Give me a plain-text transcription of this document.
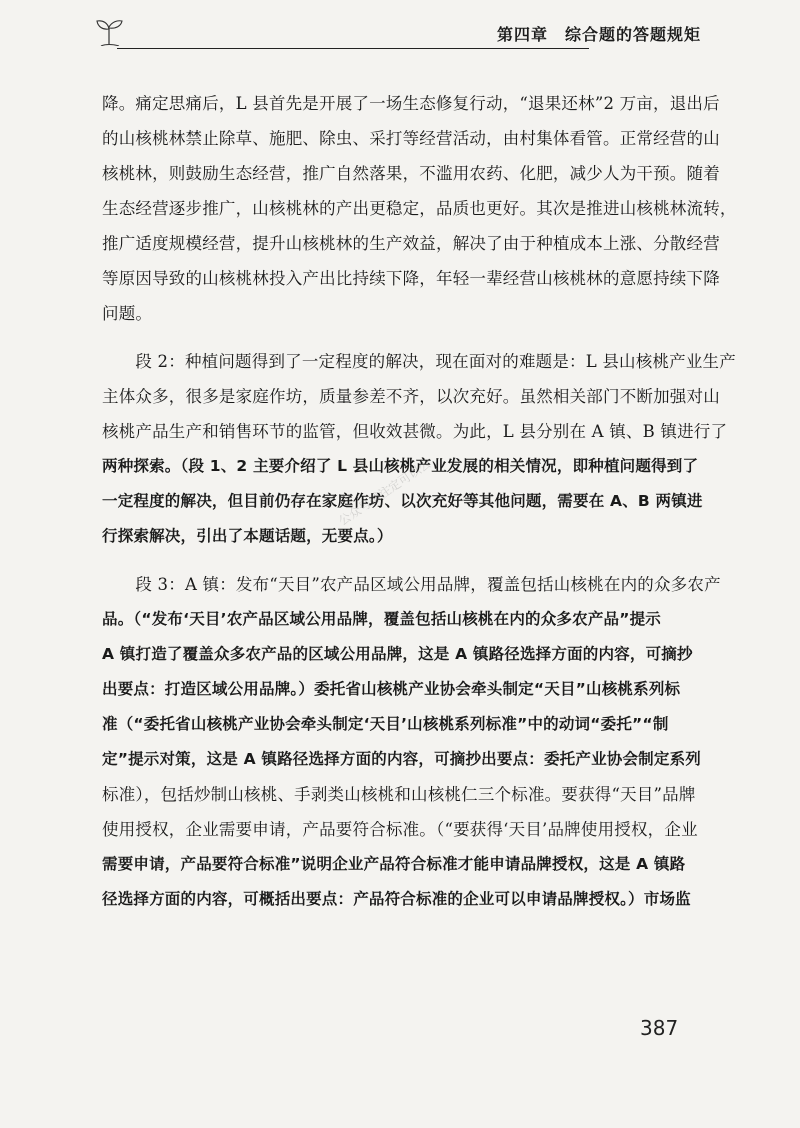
第四章　综合题的答题规矩
降。痛定思痛后，L 县首先是开展了一场生态修复行动，“退果还林”2 万亩，退出后
的山核桃林禁止除草、施肥、除虫、采打等经营活动，由村集体看管。正常经营的山
核桃林，则鼓励生态经营，推广自然落果，不滥用农药、化肥，减少人为干预。随着
生态经营逐步推广，山核桃林的产出更稳定，品质也更好。其次是推进山核桃林流转，
推广适度规模经营，提升山核桃林的生产效益，解决了由于种植成本上涨、分散经营
等原因导致的山核桃林投入产出比持续下降，年轻一辈经营山核桃林的意愿持续下降
问题。
　　段 2：种植问题得到了一定程度的解决，现在面对的难题是：L 县山核桃产业生产
主体众多，很多是家庭作坊，质量参差不齐，以次充好。虽然相关部门不断加强对山
核桃产品生产和销售环节的监管，但收效甚微。为此，L 县分别在 A 镇、B 镇进行了
两种探索。（段 1、2 主要介绍了 L 县山核桃产业发展的相关情况，即种植问题得到了
一定程度的解决，但目前仍存在家庭作坊、以次充好等其他问题，需要在 A、B 两镇进
行探索解决，引出了本题话题，无要点。）
　　段 3：A 镇：发布“天目”农产品区域公用品牌，覆盖包括山核桃在内的众多农产
品。（“发布‘天目’农产品区域公用品牌，覆盖包括山核桃在内的众多农产品”提示
A 镇打造了覆盖众多农产品的区域公用品牌，这是 A 镇路径选择方面的内容，可摘抄
出要点：打造区域公用品牌。）委托省山核桃产业协会牵头制定“天目”山核桃系列标
准（“委托省山核桃产业协会牵头制定‘天目’山核桃系列标准”中的动词“委托”“制
定”提示对策，这是 A 镇路径选择方面的内容，可摘抄出要点：委托产业协会制定系列
标准），包括炒制山核桃、手剥类山核桃和山核桃仁三个标准。要获得“天目”品牌
使用授权，企业需要申请，产品要符合标准。（“要获得‘天目’品牌使用授权，企业
需要申请，产品要符合标准”说明企业产品符合标准才能申请品牌授权，这是 A 镇路
径选择方面的内容，可概括出要点：产品符合标准的企业可以申请品牌授权。）市场监
公众号辅注定可以公
387
